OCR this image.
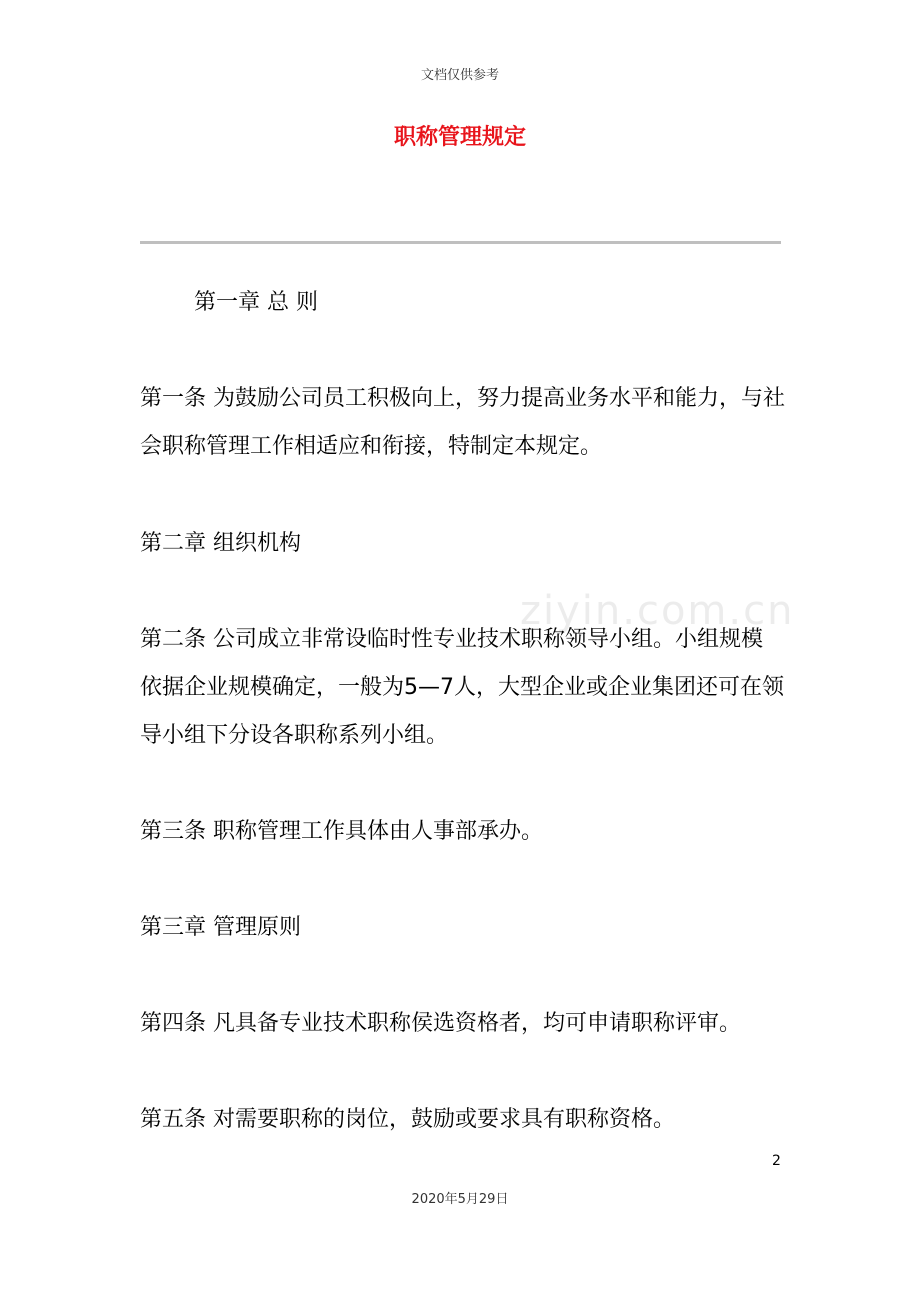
文档仅供参考
职称管理规定
ziyin.com.cn
第一章 总 则
第一条 为鼓励公司员工积极向上，努力提高业务水平和能力，与社
会职称管理工作相适应和衔接，特制定本规定。
第二章 组织机构
第二条 公司成立非常设临时性专业技术职称领导小组。小组规模
依据企业规模确定，一般为5—7人，大型企业或企业集团还可在领
导小组下分设各职称系列小组。
第三条 职称管理工作具体由人事部承办。
第三章 管理原则
第四条 凡具备专业技术职称侯选资格者，均可申请职称评审。
第五条 对需要职称的岗位，鼓励或要求具有职称资格。
2
2020年5月29日
